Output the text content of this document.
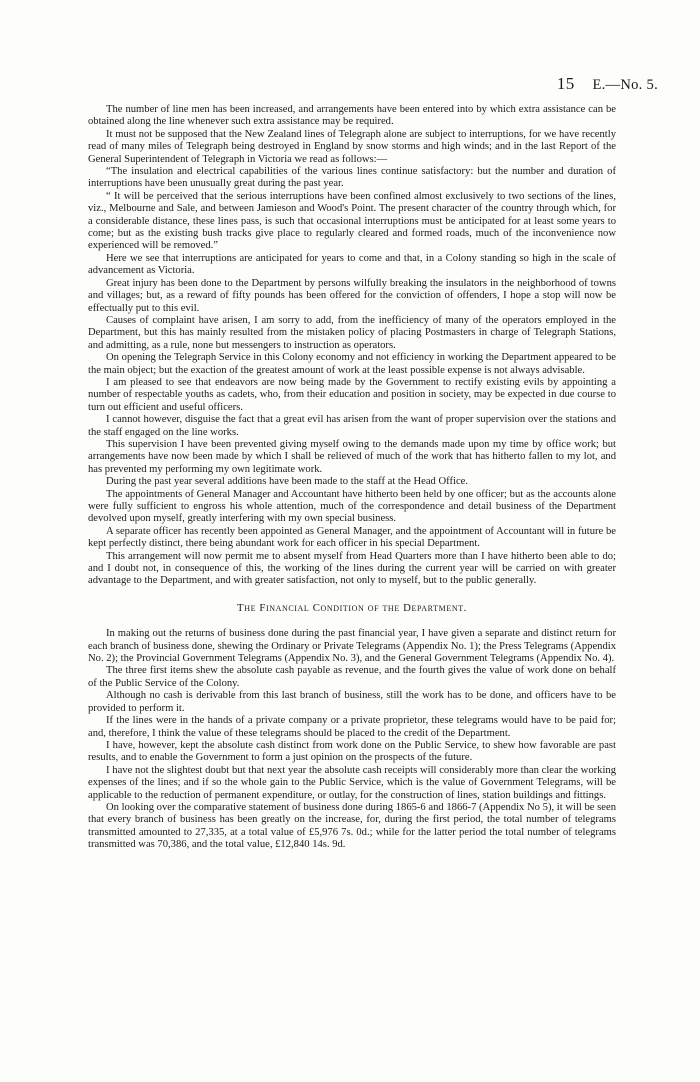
15 E.—No. 5.

The number of line men has been increased, and arrangements have been entered into by which extra assistance can be obtained along the line whenever such extra assistance may be required.

It must not be supposed that the New Zealand lines of Telegraph alone are subject to interruptions, for we have recently read of many miles of Telegraph being destroyed in England by snow storms and high winds; and in the last Report of the General Superintendent of Telegraph in Victoria we read as follows:—

“The insulation and electrical capabilities of the various lines continue satisfactory: but the number and duration of interruptions have been unusually great during the past year.

“ It will be perceived that the serious interruptions have been confined almost exclusively to two sections of the lines, viz., Melbourne and Sale, and between Jamieson and Wood's Point. The present character of the country through which, for a considerable distance, these lines pass, is such that occasional interruptions must be anticipated for at least some years to come; but as the existing bush tracks give place to regularly cleared and formed roads, much of the inconvenience now experienced will be removed.”

Here we see that interruptions are anticipated for years to come and that, in a Colony standing so high in the scale of advancement as Victoria.

Great injury has been done to the Department by persons wilfully breaking the insulators in the neighborhood of towns and villages; but, as a reward of fifty pounds has been offered for the conviction of offenders, I hope a stop will now be effectually put to this evil.

Causes of complaint have arisen, I am sorry to add, from the inefficiency of many of the operators employed in the Department, but this has mainly resulted from the mistaken policy of placing Postmasters in charge of Telegraph Stations, and admitting, as a rule, none but messengers to instruction as operators.

On opening the Telegraph Service in this Colony economy and not efficiency in working the Department appeared to be the main object; but the exaction of the greatest amount of work at the least possible expense is not always advisable.

I am pleased to see that endeavors are now being made by the Government to rectify existing evils by appointing a number of respectable youths as cadets, who, from their education and position in society, may be expected in due course to turn out efficient and useful officers.

I cannot however, disguise the fact that a great evil has arisen from the want of proper supervision over the stations and the staff engaged on the line works.

This supervision I have been prevented giving myself owing to the demands made upon my time by office work; but arrangements have now been made by which I shall be relieved of much of the work that has hitherto fallen to my lot, and has prevented my performing my own legitimate work.

During the past year several additions have been made to the staff at the Head Office.

The appointments of General Manager and Accountant have hitherto been held by one officer; but as the accounts alone were fully sufficient to engross his whole attention, much of the correspondence and detail business of the Department devolved upon myself, greatly interfering with my own special business.

A separate officer has recently been appointed as General Manager, and the appointment of Accountant will in future be kept perfectly distinct, there being abundant work for each officer in his special Department.

This arrangement will now permit me to absent myself from Head Quarters more than I have hitherto been able to do; and I doubt not, in consequence of this, the working of the lines during the current year will be carried on with greater advantage to the Department, and with greater satisfaction, not only to myself, but to the public generally.

The Financial Condition of the Department.

In making out the returns of business done during the past financial year, I have given a separate and distinct return for each branch of business done, shewing the Ordinary or Private Telegrams (Appendix No. 1); the Press Telegrams (Appendix No. 2); the Provincial Government Telegrams (Appendix No. 3), and the General Government Telegrams (Appendix No. 4).

The three first items shew the absolute cash payable as revenue, and the fourth gives the value of work done on behalf of the Public Service of the Colony.

Although no cash is derivable from this last branch of business, still the work has to be done, and officers have to be provided to perform it.

If the lines were in the hands of a private company or a private proprietor, these telegrams would have to be paid for; and, therefore, I think the value of these telegrams should be placed to the credit of the Department.

I have, however, kept the absolute cash distinct from work done on the Public Service, to shew how favorable are past results, and to enable the Government to form a just opinion on the prospects of the future.

I have not the slightest doubt but that next year the absolute cash receipts will considerably more than clear the working expenses of the lines; and if so the whole gain to the Public Service, which is the value of Government Telegrams, will be applicable to the reduction of permanent expenditure, or outlay, for the construction of lines, station buildings and fittings.

On looking over the comparative statement of business done during 1865-6 and 1866-7 (Appendix No 5), it will be seen that every branch of business has been greatly on the increase, for, during the first period, the total number of telegrams transmitted amounted to 27,335, at a total value of £5,976 7s. 0d.; while for the latter period the total number of telegrams transmitted was 70,386, and the total value, £12,840 14s. 9d.
